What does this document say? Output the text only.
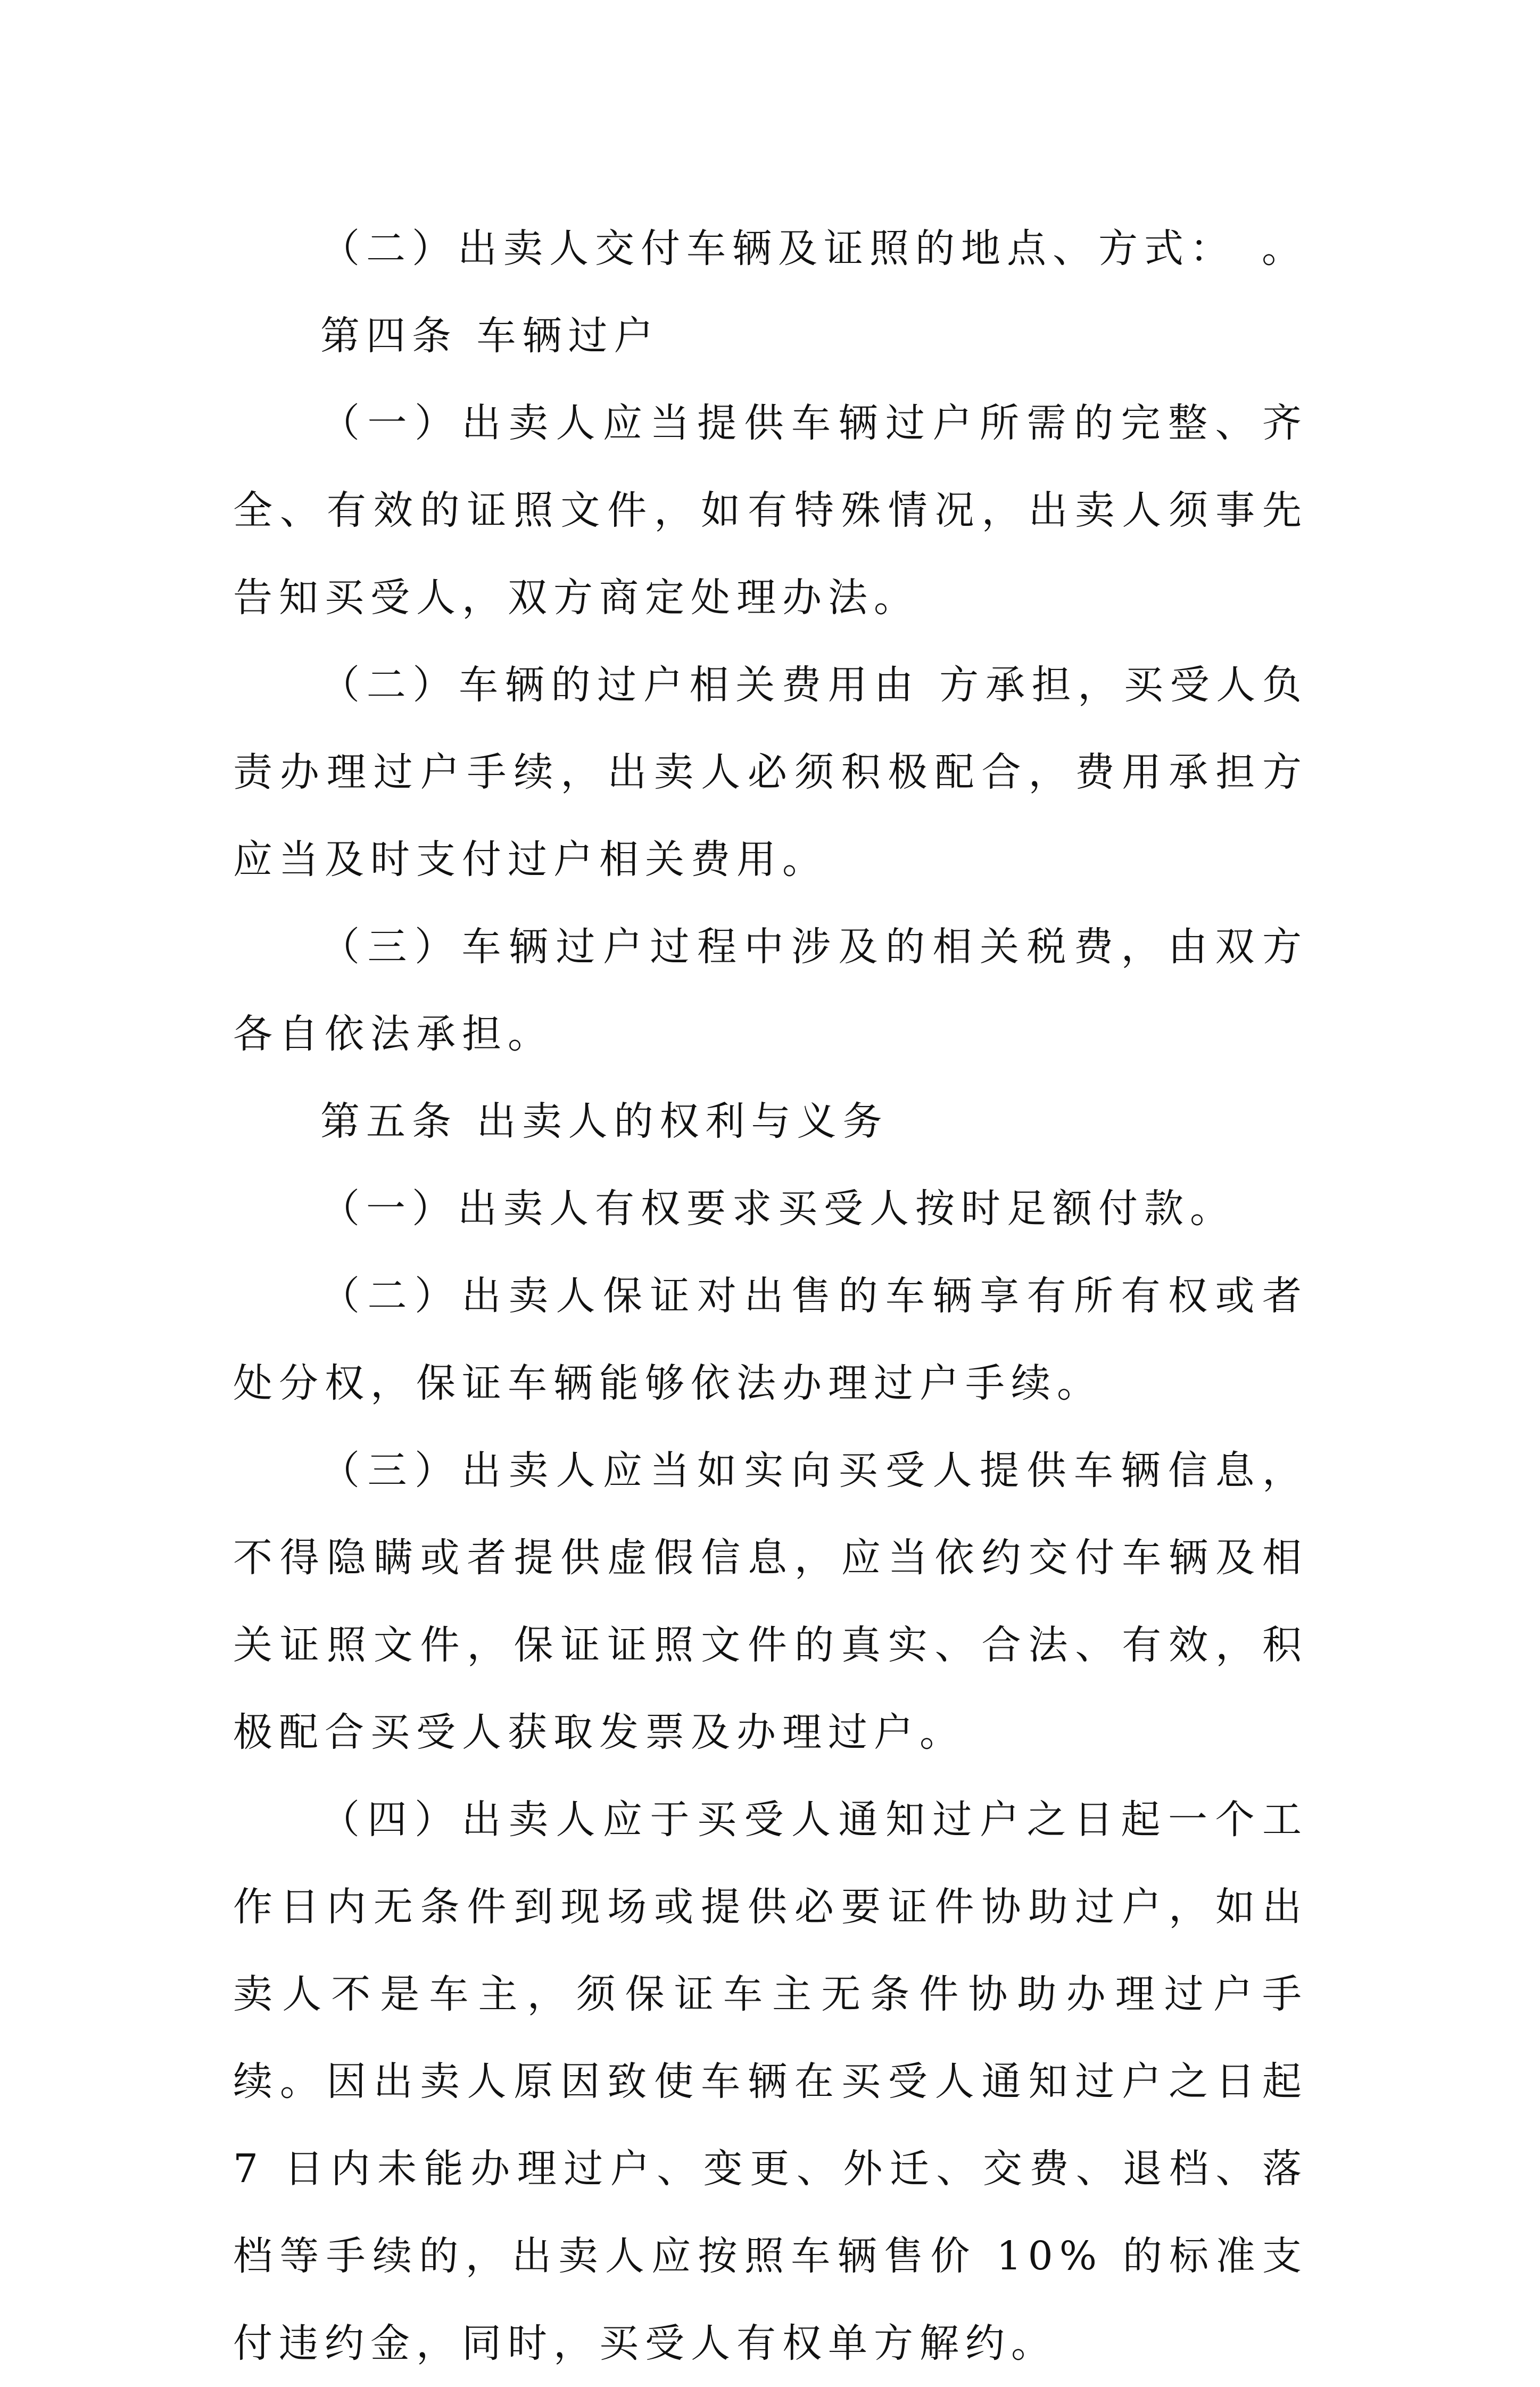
（二）出卖人交付车辆及证照的地点、方式：　。

第四条 车辆过户

（一）出卖人应当提供车辆过户所需的完整、齐全、有效的证照文件，如有特殊情况，出卖人须事先告知买受人，双方商定处理办法。

（二）车辆的过户相关费用由 方承担，买受人负责办理过户手续，出卖人必须积极配合，费用承担方应当及时支付过户相关费用。

（三）车辆过户过程中涉及的相关税费，由双方各自依法承担。

第五条 出卖人的权利与义务

（一）出卖人有权要求买受人按时足额付款。

（二）出卖人保证对出售的车辆享有所有权或者处分权，保证车辆能够依法办理过户手续。

（三）出卖人应当如实向买受人提供车辆信息，不得隐瞒或者提供虚假信息，应当依约交付车辆及相关证照文件，保证证照文件的真实、合法、有效，积极配合买受人获取发票及办理过户。

（四）出卖人应于买受人通知过户之日起一个工作日内无条件到现场或提供必要证件协助过户，如出卖人不是车主，须保证车主无条件协助办理过户手续。因出卖人原因致使车辆在买受人通知过户之日起 7 日内未能办理过户、变更、外迁、交费、退档、落档等手续的，出卖人应按照车辆售价 10% 的标准支付违约金，同时，买受人有权单方解约。
